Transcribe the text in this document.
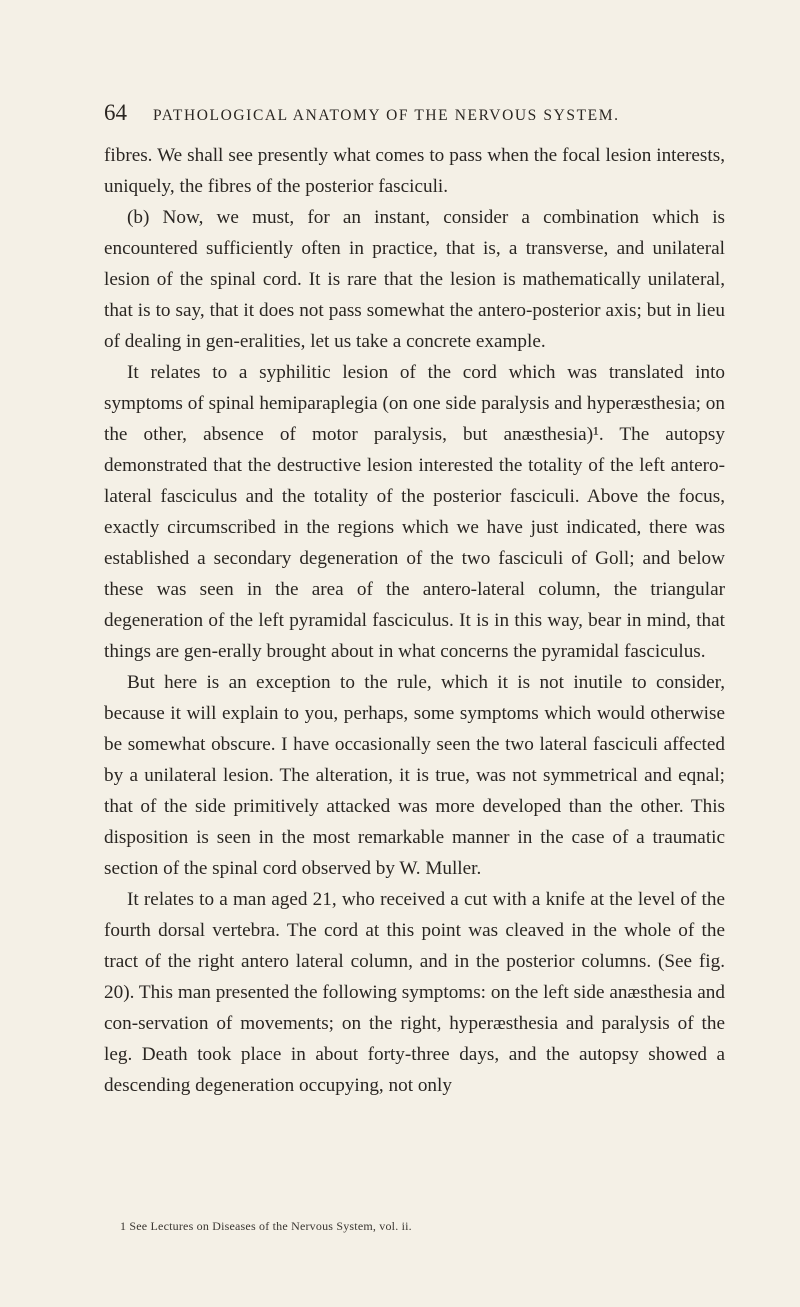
64 PATHOLOGICAL ANATOMY OF THE NERVOUS SYSTEM.

fibres. We shall see presently what comes to pass when the focal lesion interests, uniquely, the fibres of the posterior fasciculi.

(b) Now, we must, for an instant, consider a combination which is encountered sufficiently often in practice, that is, a transverse, and unilateral lesion of the spinal cord. It is rare that the lesion is mathematically unilateral, that is to say, that it does not pass somewhat the antero-posterior axis; but in lieu of dealing in gen-eralities, let us take a concrete example.

It relates to a syphilitic lesion of the cord which was translated into symptoms of spinal hemiparaplegia (on one side paralysis and hyperæsthesia; on the other, absence of motor paralysis, but anæsthesia)¹. The autopsy demonstrated that the destructive lesion interested the totality of the left antero-lateral fasciculus and the totality of the posterior fasciculi. Above the focus, exactly circumscribed in the regions which we have just indicated, there was established a secondary degeneration of the two fasciculi of Goll; and below these was seen in the area of the antero-lateral column, the triangular degeneration of the left pyramidal fasciculus. It is in this way, bear in mind, that things are gen-erally brought about in what concerns the pyramidal fasciculus.

But here is an exception to the rule, which it is not inutile to consider, because it will explain to you, perhaps, some symptoms which would otherwise be somewhat obscure. I have occasionally seen the two lateral fasciculi affected by a unilateral lesion. The alteration, it is true, was not symmetrical and eqnal; that of the side primitively attacked was more developed than the other. This disposition is seen in the most remarkable manner in the case of a traumatic section of the spinal cord observed by W. Muller.

It relates to a man aged 21, who received a cut with a knife at the level of the fourth dorsal vertebra. The cord at this point was cleaved in the whole of the tract of the right antero lateral column, and in the posterior columns. (See fig. 20). This man presented the following symptoms: on the left side anæsthesia and con-servation of movements; on the right, hyperæsthesia and paralysis of the leg. Death took place in about forty-three days, and the autopsy showed a descending degeneration occupying, not only

1 See Lectures on Diseases of the Nervous System, vol. ii.
